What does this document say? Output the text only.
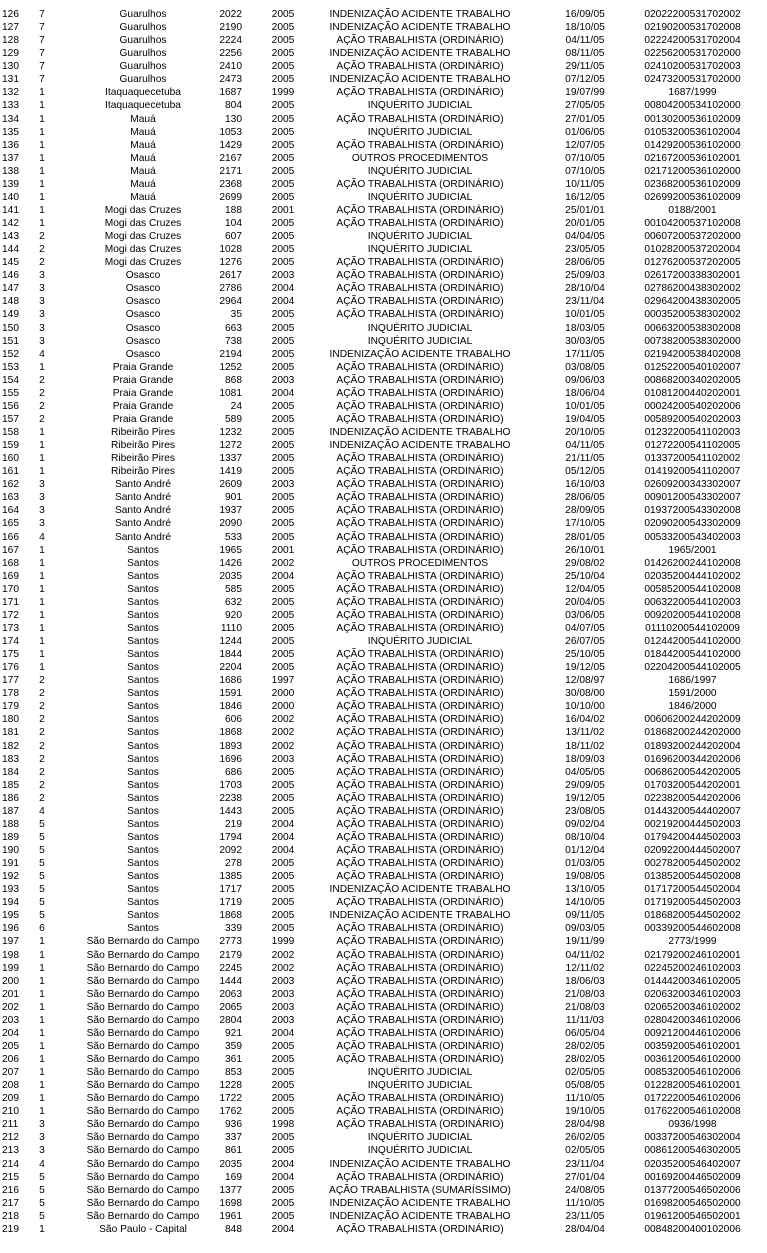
126	7	Guarulhos	2022	2005	INDENIZAÇÃO ACIDENTE TRABALHO	16/09/05	02022200531702002
127	7	Guarulhos	2190	2005	INDENIZAÇÃO ACIDENTE TRABALHO	18/10/05	02190200531702008
128	7	Guarulhos	2224	2005	AÇÃO TRABALHISTA (ORDINÁRIO)	04/11/05	02224200531702004
129	7	Guarulhos	2256	2005	INDENIZAÇÃO ACIDENTE TRABALHO	08/11/05	02256200531702000
130	7	Guarulhos	2410	2005	AÇÃO TRABALHISTA (ORDINÁRIO)	29/11/05	02410200531702003
131	7	Guarulhos	2473	2005	INDENIZAÇÃO ACIDENTE TRABALHO	07/12/05	02473200531702000
132	1	Itaquaquecetuba	1687	1999	AÇÃO TRABALHISTA (ORDINÁRIO)	19/07/99	1687/1999
133	1	Itaquaquecetuba	804	2005	INQUÉRITO JUDICIAL	27/05/05	00804200534102000
134	1	Mauá	130	2005	AÇÃO TRABALHISTA (ORDINÁRIO)	27/01/05	00130200536102009
135	1	Mauá	1053	2005	INQUÉRITO JUDICIAL	01/06/05	01053200536102004
136	1	Mauá	1429	2005	AÇÃO TRABALHISTA (ORDINÁRIO)	12/07/05	01429200536102000
137	1	Mauá	2167	2005	OUTROS PROCEDIMENTOS	07/10/05	02167200536102001
138	1	Mauá	2171	2005	INQUÉRITO JUDICIAL	07/10/05	02171200536102000
139	1	Mauá	2368	2005	AÇÃO TRABALHISTA (ORDINÁRIO)	10/11/05	02368200536102009
140	1	Mauá	2699	2005	INQUÉRITO JUDICIAL	16/12/05	02699200536102009
141	1	Mogi das Cruzes	188	2001	AÇÃO TRABALHISTA (ORDINÁRIO)	25/01/01	0188/2001
142	1	Mogi das Cruzes	104	2005	AÇÃO TRABALHISTA (ORDINÁRIO)	20/01/05	00104200537102008
143	2	Mogi das Cruzes	607	2005	INQUÉRITO JUDICIAL	04/04/05	00607200537202000
144	2	Mogi das Cruzes	1028	2005	INQUÉRITO JUDICIAL	23/05/05	01028200537202004
145	2	Mogi das Cruzes	1276	2005	AÇÃO TRABALHISTA (ORDINÁRIO)	28/06/05	01276200537202005
146	3	Osasco	2617	2003	AÇÃO TRABALHISTA (ORDINÁRIO)	25/09/03	02617200338302001
147	3	Osasco	2786	2004	AÇÃO TRABALHISTA (ORDINÁRIO)	28/10/04	02786200438302002
148	3	Osasco	2964	2004	AÇÃO TRABALHISTA (ORDINÁRIO)	23/11/04	02964200438302005
149	3	Osasco	35	2005	AÇÃO TRABALHISTA (ORDINÁRIO)	10/01/05	00035200538302002
150	3	Osasco	663	2005	INQUÉRITO JUDICIAL	18/03/05	00663200538302008
151	3	Osasco	738	2005	INQUÉRITO JUDICIAL	30/03/05	00738200538302000
152	4	Osasco	2194	2005	INDENIZAÇÃO ACIDENTE TRABALHO	17/11/05	02194200538402008
153	1	Praia Grande	1252	2005	AÇÃO TRABALHISTA (ORDINÁRIO)	03/08/05	01252200540102007
154	2	Praia Grande	868	2003	AÇÃO TRABALHISTA (ORDINÁRIO)	09/06/03	00868200340202005
155	2	Praia Grande	1081	2004	AÇÃO TRABALHISTA (ORDINÁRIO)	18/06/04	01081200440202001
156	2	Praia Grande	24	2005	AÇÃO TRABALHISTA (ORDINÁRIO)	10/01/05	00024200540202006
157	2	Praia Grande	589	2005	AÇÃO TRABALHISTA (ORDINÁRIO)	19/04/05	00589200540202003
158	1	Ribeirão Pires	1232	2005	INDENIZAÇÃO ACIDENTE TRABALHO	20/10/05	01232200541102003
159	1	Ribeirão Pires	1272	2005	INDENIZAÇÃO ACIDENTE TRABALHO	04/11/05	01272200541102005
160	1	Ribeirão Pires	1337	2005	AÇÃO TRABALHISTA (ORDINÁRIO)	21/11/05	01337200541102002
161	1	Ribeirão Pires	1419	2005	AÇÃO TRABALHISTA (ORDINÁRIO)	05/12/05	01419200541102007
162	3	Santo André	2609	2003	AÇÃO TRABALHISTA (ORDINÁRIO)	16/10/03	02609200343302007
163	3	Santo André	901	2005	AÇÃO TRABALHISTA (ORDINÁRIO)	28/06/05	00901200543302007
164	3	Santo André	1937	2005	AÇÃO TRABALHISTA (ORDINÁRIO)	28/09/05	01937200543302008
165	3	Santo André	2090	2005	AÇÃO TRABALHISTA (ORDINÁRIO)	17/10/05	02090200543302009
166	4	Santo André	533	2005	AÇÃO TRABALHISTA (ORDINÁRIO)	28/01/05	00533200543402003
167	1	Santos	1965	2001	AÇÃO TRABALHISTA (ORDINÁRIO)	26/10/01	1965/2001
168	1	Santos	1426	2002	OUTROS PROCEDIMENTOS	29/08/02	01426200244102008
169	1	Santos	2035	2004	AÇÃO TRABALHISTA (ORDINÁRIO)	25/10/04	02035200444102002
170	1	Santos	585	2005	AÇÃO TRABALHISTA (ORDINÁRIO)	12/04/05	00585200544102008
171	1	Santos	632	2005	AÇÃO TRABALHISTA (ORDINÁRIO)	20/04/05	00632200544102003
172	1	Santos	920	2005	AÇÃO TRABALHISTA (ORDINÁRIO)	03/06/05	00920200544102008
173	1	Santos	1110	2005	AÇÃO TRABALHISTA (ORDINÁRIO)	04/07/05	01110200544102009
174	1	Santos	1244	2005	INQUÉRITO JUDICIAL	26/07/05	01244200544102000
175	1	Santos	1844	2005	AÇÃO TRABALHISTA (ORDINÁRIO)	25/10/05	01844200544102000
176	1	Santos	2204	2005	AÇÃO TRABALHISTA (ORDINÁRIO)	19/12/05	02204200544102005
177	2	Santos	1686	1997	AÇÃO TRABALHISTA (ORDINÁRIO)	12/08/97	1686/1997
178	2	Santos	1591	2000	AÇÃO TRABALHISTA (ORDINÁRIO)	30/08/00	1591/2000
179	2	Santos	1846	2000	AÇÃO TRABALHISTA (ORDINÁRIO)	10/10/00	1846/2000
180	2	Santos	606	2002	AÇÃO TRABALHISTA (ORDINÁRIO)	16/04/02	00606200244202009
181	2	Santos	1868	2002	AÇÃO TRABALHISTA (ORDINÁRIO)	13/11/02	01868200244202000
182	2	Santos	1893	2002	AÇÃO TRABALHISTA (ORDINÁRIO)	18/11/02	01893200244202004
183	2	Santos	1696	2003	AÇÃO TRABALHISTA (ORDINÁRIO)	18/09/03	01696200344202006
184	2	Santos	686	2005	AÇÃO TRABALHISTA (ORDINÁRIO)	04/05/05	00686200544202005
185	2	Santos	1703	2005	AÇÃO TRABALHISTA (ORDINÁRIO)	29/09/05	01703200544202001
186	2	Santos	2238	2005	AÇÃO TRABALHISTA (ORDINÁRIO)	19/12/05	02238200544202006
187	4	Santos	1443	2005	AÇÃO TRABALHISTA (ORDINÁRIO)	23/08/05	01443200544402007
188	5	Santos	219	2004	AÇÃO TRABALHISTA (ORDINÁRIO)	09/02/04	00219200444502003
189	5	Santos	1794	2004	AÇÃO TRABALHISTA (ORDINÁRIO)	08/10/04	01794200444502003
190	5	Santos	2092	2004	AÇÃO TRABALHISTA (ORDINÁRIO)	01/12/04	02092200444502007
191	5	Santos	278	2005	AÇÃO TRABALHISTA (ORDINÁRIO)	01/03/05	00278200544502002
192	5	Santos	1385	2005	AÇÃO TRABALHISTA (ORDINÁRIO)	19/08/05	01385200544502008
193	5	Santos	1717	2005	INDENIZAÇÃO ACIDENTE TRABALHO	13/10/05	01717200544502004
194	5	Santos	1719	2005	AÇÃO TRABALHISTA (ORDINÁRIO)	14/10/05	01719200544502003
195	5	Santos	1868	2005	INDENIZAÇÃO ACIDENTE TRABALHO	09/11/05	01868200544502002
196	6	Santos	339	2005	AÇÃO TRABALHISTA (ORDINÁRIO)	09/03/05	00339200544602008
197	1	São Bernardo do Campo	2773	1999	AÇÃO TRABALHISTA (ORDINÁRIO)	19/11/99	2773/1999
198	1	São Bernardo do Campo	2179	2002	AÇÃO TRABALHISTA (ORDINÁRIO)	04/11/02	02179200246102001
199	1	São Bernardo do Campo	2245	2002	AÇÃO TRABALHISTA (ORDINÁRIO)	12/11/02	02245200246102003
200	1	São Bernardo do Campo	1444	2003	AÇÃO TRABALHISTA (ORDINÁRIO)	18/06/03	01444200346102005
201	1	São Bernardo do Campo	2063	2003	AÇÃO TRABALHISTA (ORDINÁRIO)	21/08/03	02063200346102003
202	1	São Bernardo do Campo	2065	2003	AÇÃO TRABALHISTA (ORDINÁRIO)	21/08/03	02065200346102002
203	1	São Bernardo do Campo	2804	2003	AÇÃO TRABALHISTA (ORDINÁRIO)	11/11/03	02804200346102006
204	1	São Bernardo do Campo	921	2004	AÇÃO TRABALHISTA (ORDINÁRIO)	06/05/04	00921200446102006
205	1	São Bernardo do Campo	359	2005	AÇÃO TRABALHISTA (ORDINÁRIO)	28/02/05	00359200546102001
206	1	São Bernardo do Campo	361	2005	AÇÃO TRABALHISTA (ORDINÁRIO)	28/02/05	00361200546102000
207	1	São Bernardo do Campo	853	2005	INQUÉRITO JUDICIAL	02/05/05	00853200546102006
208	1	São Bernardo do Campo	1228	2005	INQUÉRITO JUDICIAL	05/08/05	01228200546102001
209	1	São Bernardo do Campo	1722	2005	AÇÃO TRABALHISTA (ORDINÁRIO)	11/10/05	01722200546102006
210	1	São Bernardo do Campo	1762	2005	AÇÃO TRABALHISTA (ORDINÁRIO)	19/10/05	01762200546102008
211	3	São Bernardo do Campo	936	1998	AÇÃO TRABALHISTA (ORDINÁRIO)	28/04/98	0936/1998
212	3	São Bernardo do Campo	337	2005	INQUÉRITO JUDICIAL	26/02/05	00337200546302004
213	3	São Bernardo do Campo	861	2005	INQUÉRITO JUDICIAL	02/05/05	00861200546302005
214	4	São Bernardo do Campo	2035	2004	INDENIZAÇÃO ACIDENTE TRABALHO	23/11/04	02035200546402007
215	5	São Bernardo do Campo	169	2004	AÇÃO TRABALHISTA (ORDINÁRIO)	27/01/04	00169200446502009
216	5	São Bernardo do Campo	1377	2005	AÇÃO TRABALHISTA (SUMARÍSSIMO)	24/08/05	01377200546502006
217	5	São Bernardo do Campo	1698	2005	INDENIZAÇÃO ACIDENTE TRABALHO	11/10/05	01698200546502000
218	5	São Bernardo do Campo	1961	2005	INDENIZAÇÃO ACIDENTE TRABALHO	23/11/05	01961200546502001
219	1	São Paulo - Capital	848	2004	AÇÃO TRABALHISTA (ORDINÁRIO)	28/04/04	00848200400102006
